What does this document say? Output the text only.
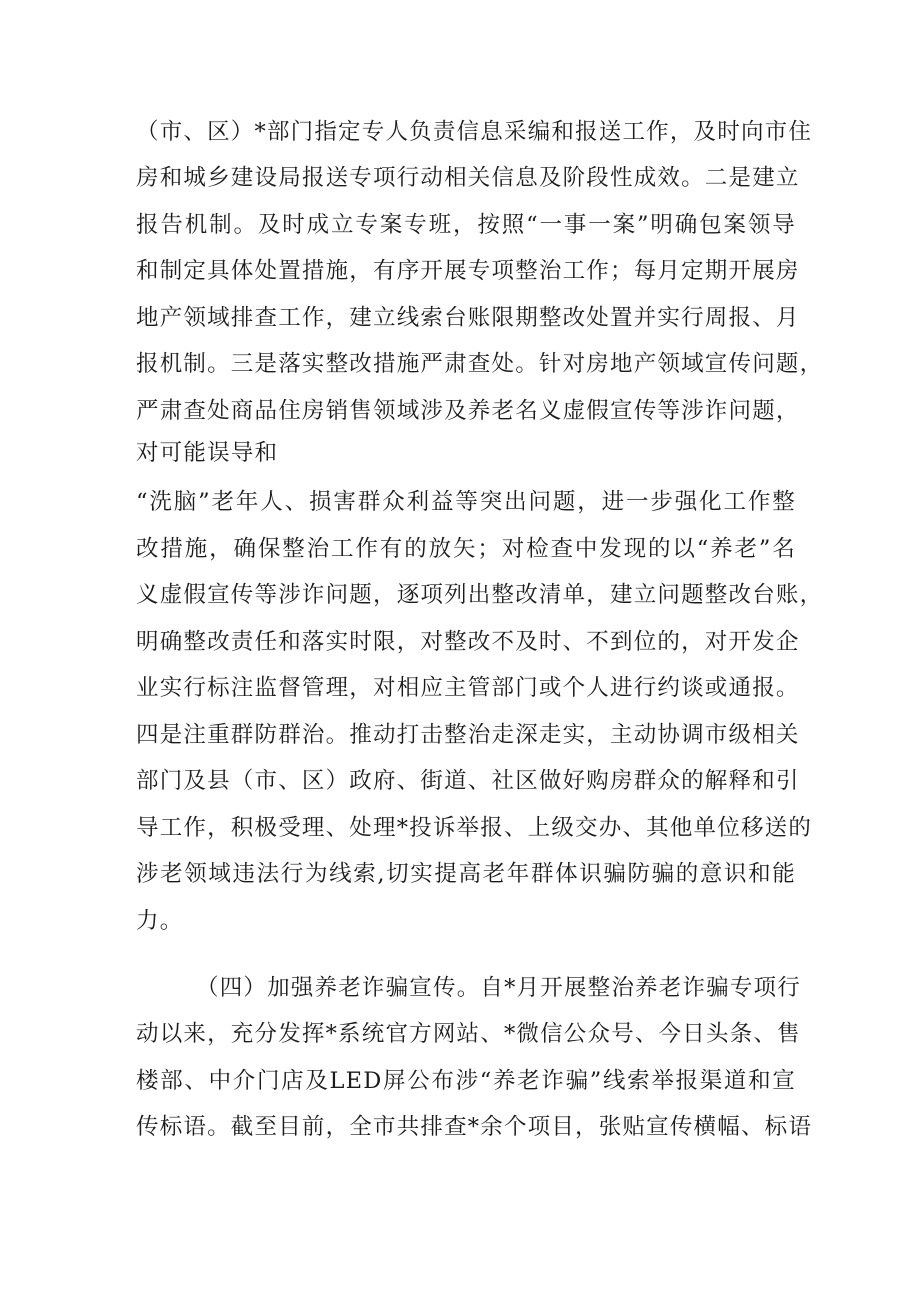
（市、区）*部门指定专人负责信息采编和报送工作，及时向市住
房和城乡建设局报送专项行动相关信息及阶段性成效。二是建立
报告机制。及时成立专案专班，按照“一事一案”明确包案领导
和制定具体处置措施，有序开展专项整治工作；每月定期开展房
地产领域排查工作，建立线索台账限期整改处置并实行周报、月
报机制。三是落实整改措施严肃查处。针对房地产领域宣传问题，
严肃查处商品住房销售领域涉及养老名义虚假宣传等涉诈问题，
对可能误导和
“洗脑”老年人、损害群众利益等突出问题，进一步强化工作整
改措施，确保整治工作有的放矢；对检查中发现的以“养老”名
义虚假宣传等涉诈问题，逐项列出整改清单，建立问题整改台账，
明确整改责任和落实时限，对整改不及时、不到位的，对开发企
业实行标注监督管理，对相应主管部门或个人进行约谈或通报。
四是注重群防群治。推动打击整治走深走实，主动协调市级相关
部门及县（市、区）政府、街道、社区做好购房群众的解释和引
导工作，积极受理、处理*投诉举报、上级交办、其他单位移送的
涉老领域违法行为线索,切实提高老年群体识骗防骗的意识和能
力。
（四）加强养老诈骗宣传。自*月开展整治养老诈骗专项行
动以来，充分发挥*系统官方网站、*微信公众号、今日头条、售
楼部、中介门店及LED屏公布涉“养老诈骗”线索举报渠道和宣
传标语。截至目前，全市共排查*余个项目，张贴宣传横幅、标语
